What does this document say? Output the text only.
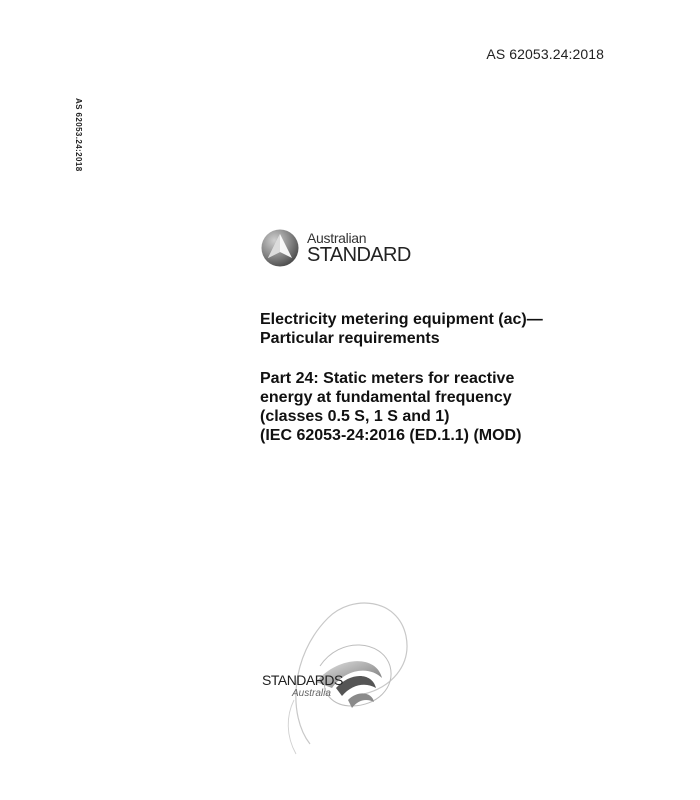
AS 62053.24:2018
AS 62053.24:2018
Australian
STANDARD
Electricity metering equipment (ac)—
Particular requirements
Part 24: Static meters for reactive
energy at fundamental frequency
(classes 0.5 S, 1 S and 1)
(IEC 62053-24:2016 (ED.1.1) (MOD)
STANDARDS
Australia
